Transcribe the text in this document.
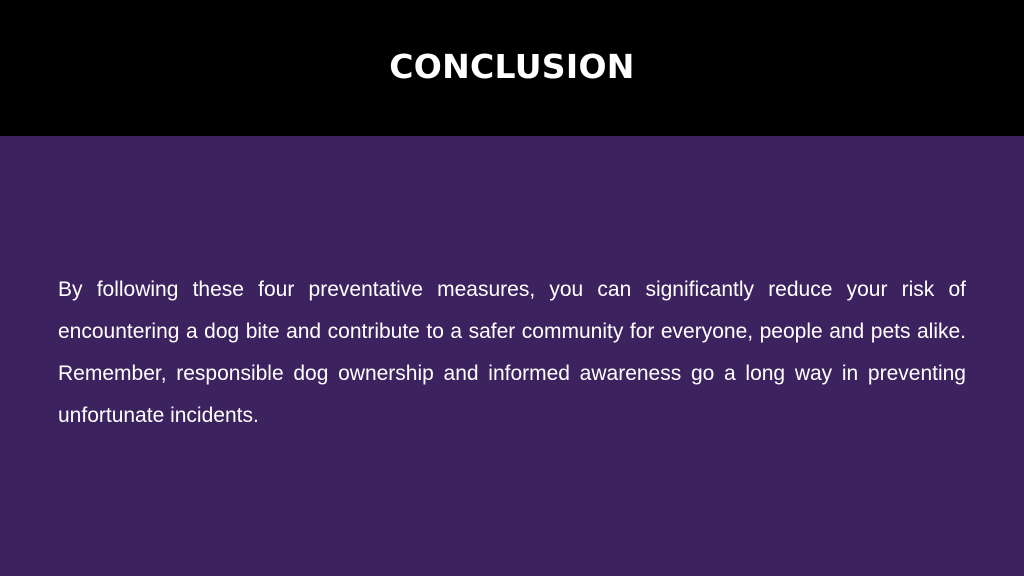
CONCLUSION

By following these four preventative measures, you can significantly reduce your risk of encountering a dog bite and contribute to a safer community for everyone, people and pets alike. Remember, responsible dog ownership and informed awareness go a long way in preventing unfortunate incidents.
